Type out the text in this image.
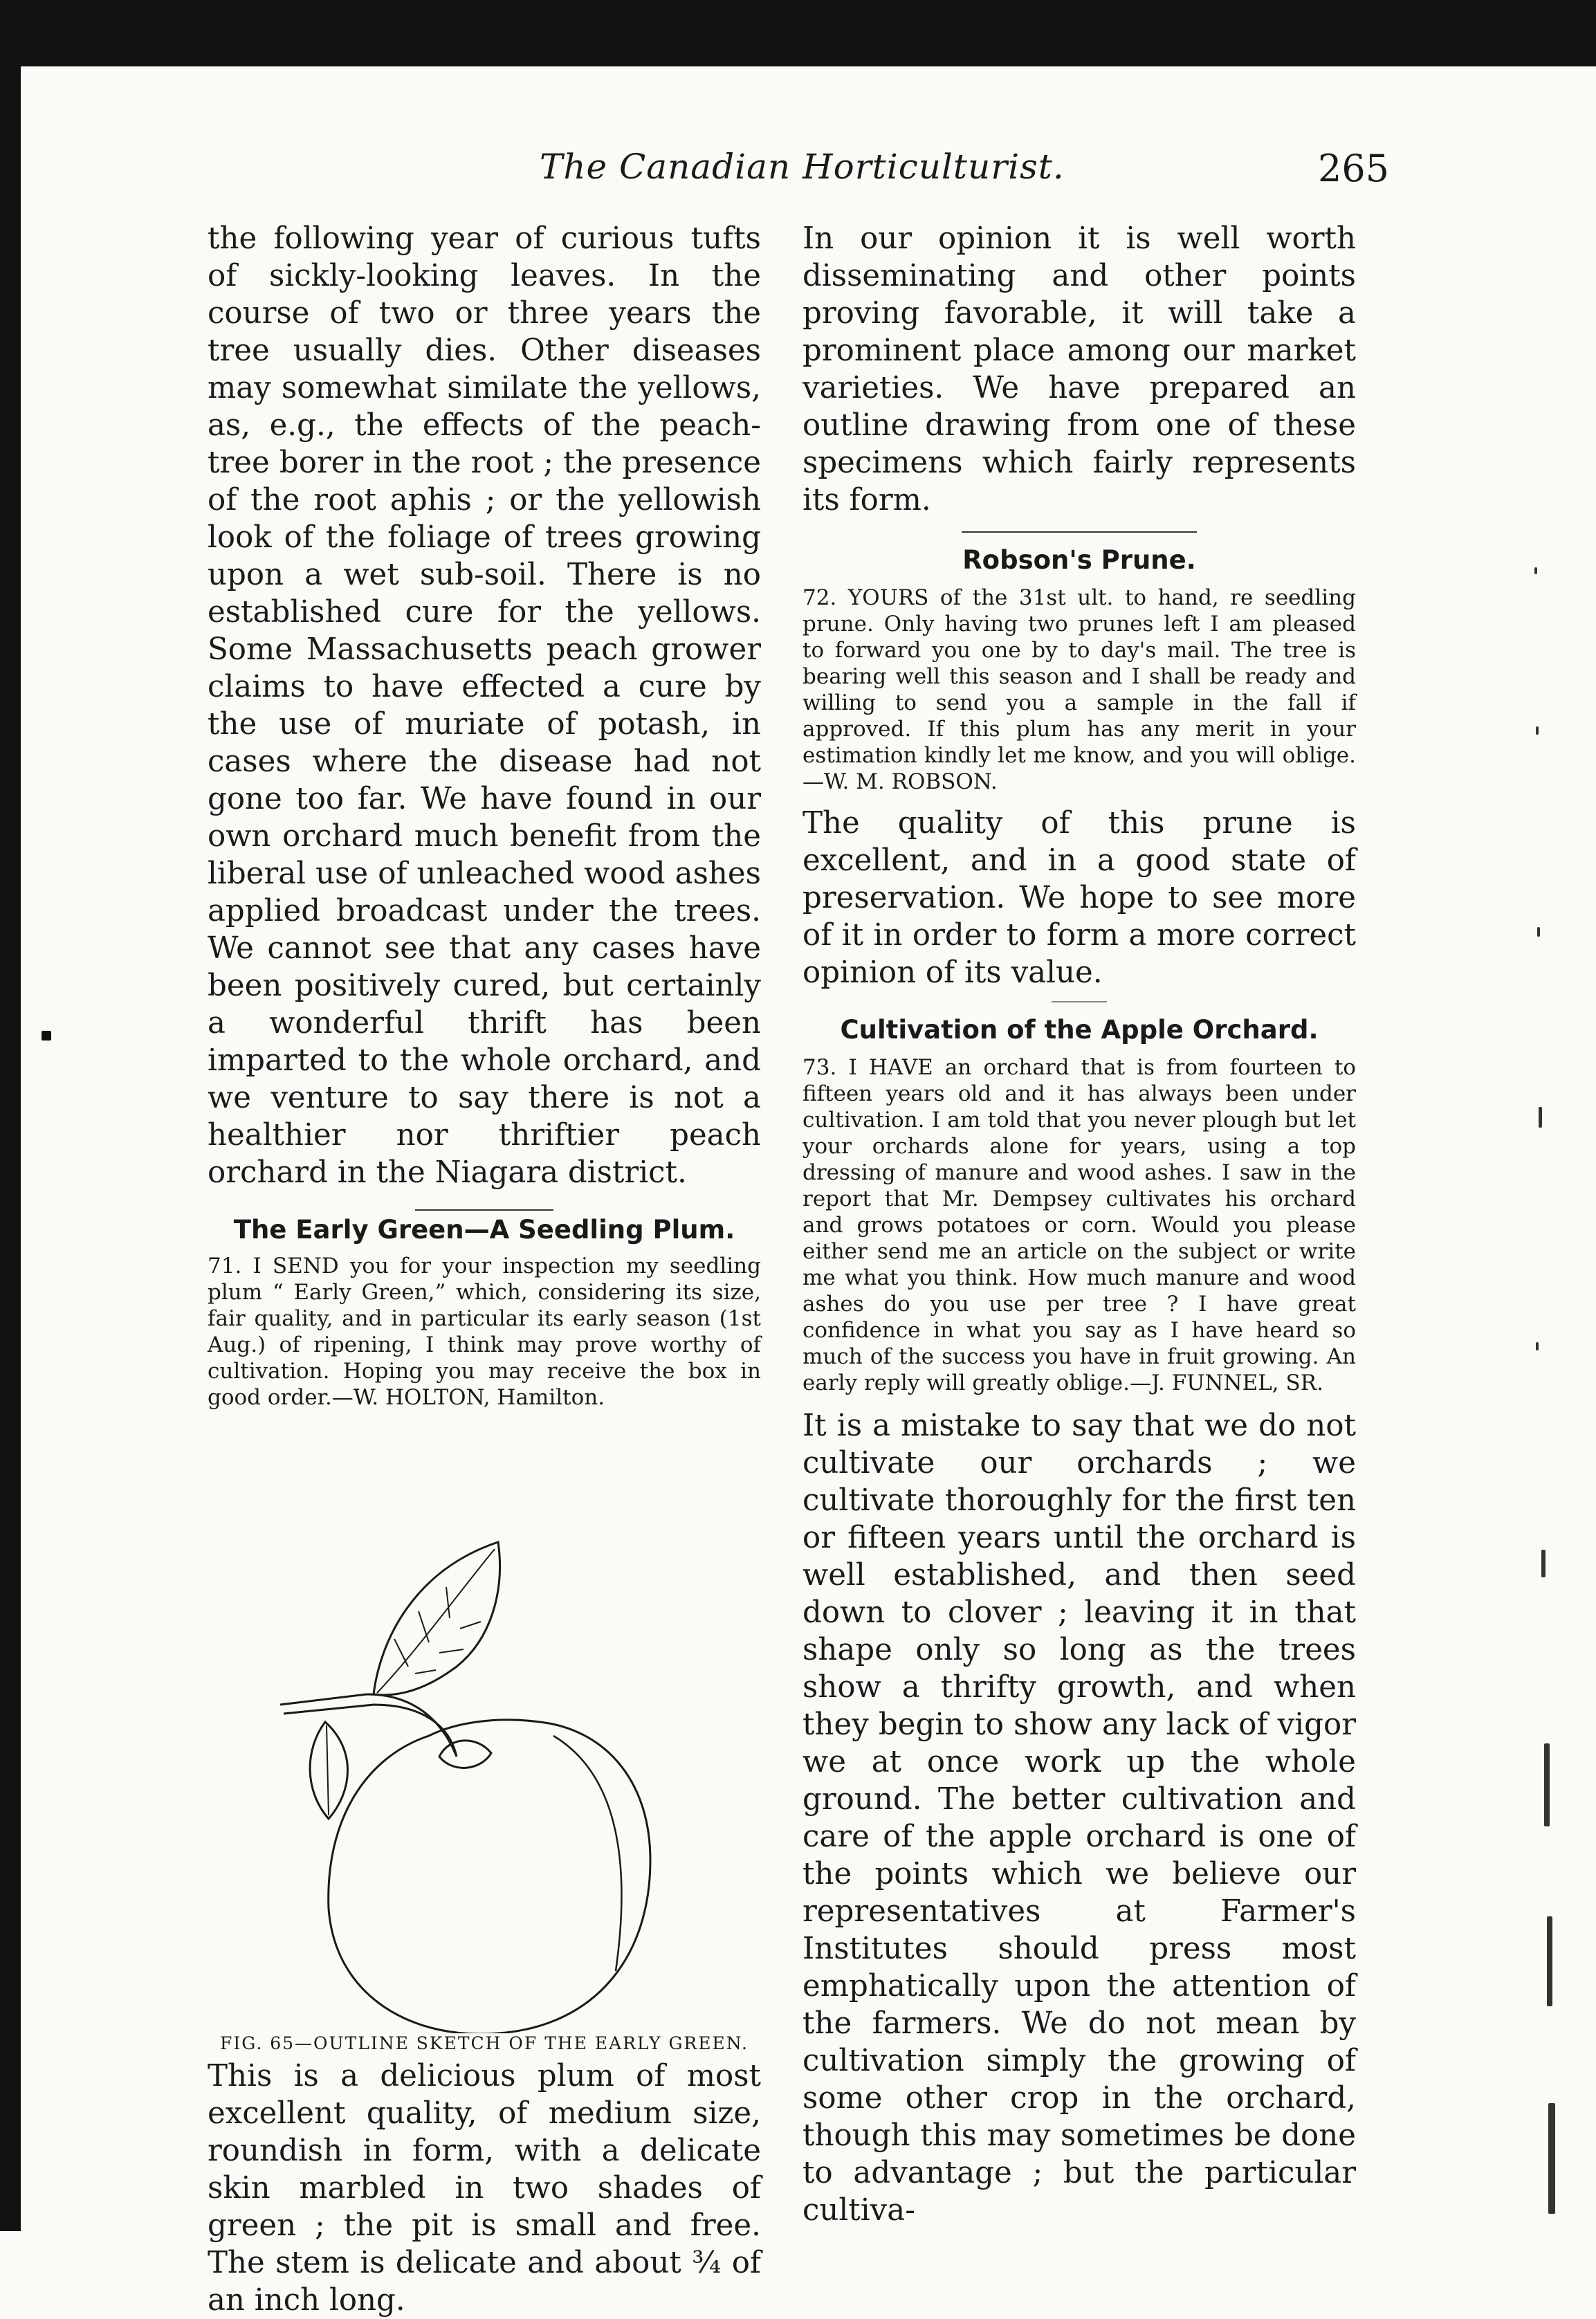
The Canadian Horticulturist.	265

the following year of curious tufts of sickly-looking leaves. In the course of two or three years the tree usually dies. Other diseases may somewhat similate the yellows, as, e.g., the effects of the peach-tree borer in the root ; the presence of the root aphis ; or the yellowish look of the foliage of trees growing upon a wet sub-soil. There is no established cure for the yellows. Some Massachusetts peach grower claims to have effected a cure by the use of muriate of potash, in cases where the disease had not gone too far. We have found in our own orchard much benefit from the liberal use of unleached wood ashes applied broadcast under the trees. We cannot see that any cases have been positively cured, but certainly a wonderful thrift has been imparted to the whole orchard, and we venture to say there is not a healthier nor thriftier peach orchard in the Niagara district.

The Early Green—A Seedling Plum.

71. I SEND you for your inspection my seedling plum “ Early Green,” which, considering its size, fair quality, and in particular its early season (1st Aug.) of ripening, I think may prove worthy of cultivation. Hoping you may receive the box in good order.—W. HOLTON, Hamilton.

FIG. 65—OUTLINE SKETCH OF THE EARLY GREEN.

This is a delicious plum of most excellent quality, of medium size, roundish in form, with a delicate skin marbled in two shades of green ; the pit is small and free. The stem is delicate and about ¾ of an inch long.

In our opinion it is well worth disseminating and other points proving favorable, it will take a prominent place among our market varieties. We have prepared an outline drawing from one of these specimens which fairly represents its form.

Robson's Prune.

72. YOURS of the 31st ult. to hand, re seedling prune. Only having two prunes left I am pleased to forward you one by to day's mail. The tree is bearing well this season and I shall be ready and willing to send you a sample in the fall if approved. If this plum has any merit in your estimation kindly let me know, and you will oblige.—W. M. ROBSON.

The quality of this prune is excellent, and in a good state of preservation. We hope to see more of it in order to form a more correct opinion of its value.

Cultivation of the Apple Orchard.

73. I HAVE an orchard that is from fourteen to fifteen years old and it has always been under cultivation. I am told that you never plough but let your orchards alone for years, using a top dressing of manure and wood ashes. I saw in the report that Mr. Dempsey cultivates his orchard and grows potatoes or corn. Would you please either send me an article on the subject or write me what you think. How much manure and wood ashes do you use per tree ? I have great confidence in what you say as I have heard so much of the success you have in fruit growing. An early reply will greatly oblige.—J. FUNNEL, SR.

It is a mistake to say that we do not cultivate our orchards ; we cultivate thoroughly for the first ten or fifteen years until the orchard is well established, and then seed down to clover ; leaving it in that shape only so long as the trees show a thrifty growth, and when they begin to show any lack of vigor we at once work up the whole ground. The better cultivation and care of the apple orchard is one of the points which we believe our representatives at Farmer's Institutes should press most emphatically upon the attention of the farmers. We do not mean by cultivation simply the growing of some other crop in the orchard, though this may sometimes be done to advantage ; but the particular cultiva-
